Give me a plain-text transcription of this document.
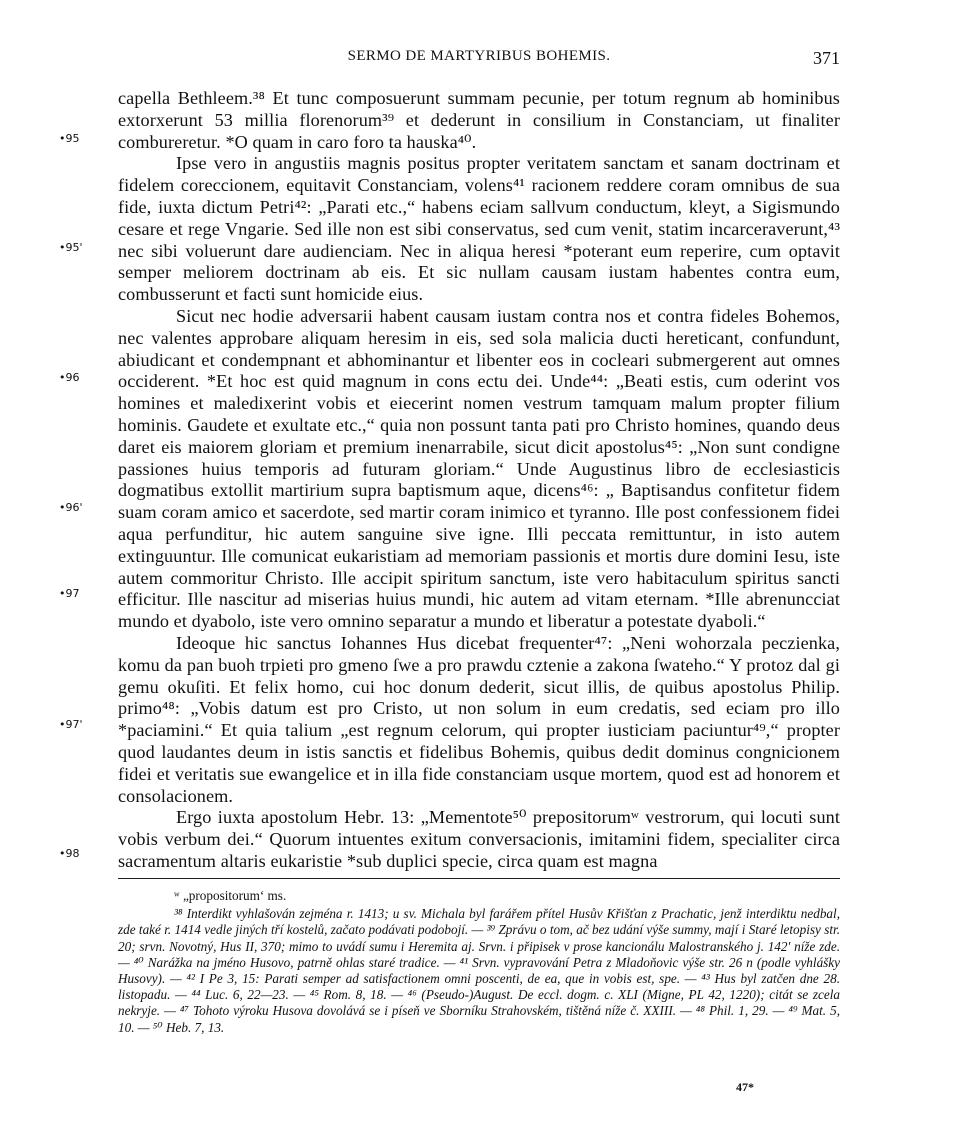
SERMO DE MARTYRIBUS BOHEMIS.	371
•95
•95'
•96
•96'
•97
•97'
•98

capella Bethleem.³⁸ Et tunc composuerunt summam pecunie, per totum regnum ab hominibus extorxerunt 53 millia florenorum³⁹ et dederunt in consilium in Constanciam, ut finaliter combureretur. *O quam in caro foro ta hauska⁴⁰.

Ipse vero in angustiis magnis positus propter veritatem sanctam et sanam doctrinam et fidelem coreccionem, equitavit Constanciam, volens⁴¹ racionem reddere coram omnibus de sua fide, iuxta dictum Petri⁴²: „Parati etc.,“ habens eciam sallvum conductum, kleyt, a Sigismundo cesare et rege Vngarie. Sed ille non est sibi conservatus, sed cum venit, statim incarceraverunt,⁴³ nec sibi voluerunt dare audienciam. Nec in aliqua heresi *poterant eum reperire, cum optavit semper meliorem doctrinam ab eis. Et sic nullam causam iustam habentes contra eum, combusserunt et facti sunt homicide eius.

Sicut nec hodie adversarii habent causam iustam contra nos et contra fideles Bohemos, nec valentes approbare aliquam heresim in eis, sed sola malicia ducti hereticant, confundunt, abiudicant et condempnant et abhominantur et libenter eos in cocleari submergerent aut omnes occiderent. *Et hoc est quid magnum in cons ectu dei. Unde⁴⁴: „Beati estis, cum oderint vos homines et maledixerint vobis et eiecerint nomen vestrum tamquam malum propter filium hominis. Gaudete et exultate etc.,“ quia non possunt tanta pati pro Christo homines, quando deus daret eis maiorem gloriam et premium inenarrabile, sicut dicit apostolus⁴⁵: „Non sunt condigne passiones huius temporis ad futuram gloriam.“ Unde Augustinus libro de ecclesiasticis dogmatibus extollit martirium supra baptismum aque, dicens⁴⁶: „ Baptisandus confitetur fidem suam coram amico et sacerdote, sed martir coram inimico et tyranno. Ille post confessionem fidei aqua perfunditur, hic autem sanguine sive igne. Illi peccata remittuntur, in isto autem extinguuntur. Ille comunicat eukaristiam ad memoriam passionis et mortis dure domini Iesu, iste autem commoritur Christo. Ille accipit spiritum sanctum, iste vero habitaculum spiritus sancti efficitur. Ille nascitur ad miserias huius mundi, hic autem ad vitam eternam. *Ille abrenuncciat mundo et dyabolo, iste vero omnino separatur a mundo et liberatur a potestate dyaboli.“

Ideoque hic sanctus Iohannes Hus dicebat frequenter⁴⁷: „Neni wohorzala peczienka, komu da pan buoh trpieti pro gmeno ſwe a pro prawdu cztenie a zakona ſwateho.“ Y protoz dal gi gemu okuſiti. Et felix homo, cui hoc donum dederit, sicut illis, de quibus apostolus Philip. primo⁴⁸: „Vobis datum est pro Cristo, ut non solum in eum credatis, sed eciam pro illo *paciamini.“ Et quia talium „est regnum celorum, qui propter iusticiam paciuntur⁴⁹,“ propter quod laudantes deum in istis sanctis et fidelibus Bohemis, quibus dedit dominus congnicionem fidei et veritatis sue ewangelice et in illa fide constanciam usque mortem, quod est ad honorem et consolacionem.

Ergo iuxta apostolum Hebr. 13: „Mementote⁵⁰ prepositorumʷ vestrorum, qui locuti sunt vobis verbum dei.“ Quorum intuentes exitum conversacionis, imitamini fidem, specialiter circa sacramentum altaris eukaristie *sub duplici specie, circa quam est magna

ʷ „propositorum‘ ms.

³⁸ Interdikt vyhlašován zejména r. 1413; u sv. Michala byl farářem přítel Husův Křišťan z Prachatic, jenž interdiktu nedbal, zde také r. 1414 vedle jiných tří kostelů, začato podávati podobojí. — ³⁹ Zprávu o tom, ač bez udání výše summy, mají i Staré letopisy str. 20; srvn. Novotný, Hus II, 370; mimo to uvádí sumu i Heremita aj. Srvn. i připisek v prose kancionálu Malostranského j. 142' níže zde. — ⁴⁰ Narážka na jméno Husovo, patrně ohlas staré tradice. — ⁴¹ Srvn. vypravování Petra z Mladoňovic výše str. 26 n (podle vyhlášky Husovy). — ⁴² I Pe 3, 15: Parati semper ad satisfactionem omni poscenti, de ea, que in vobis est, spe. — ⁴³ Hus byl zatčen dne 28. listopadu. — ⁴⁴ Luc. 6, 22—23. — ⁴⁵ Rom. 8, 18. — ⁴⁶ (Pseudo-)August. De eccl. dogm. c. XLI (Migne, PL 42, 1220); citát se zcela nekryje. — ⁴⁷ Tohoto výroku Husova dovolává se i píseň ve Sborníku Strahovském, tištěná níže č. XXIII. — ⁴⁸ Phil. 1, 29. — ⁴⁹ Mat. 5, 10. — ⁵⁰ Heb. 7, 13.

47*
